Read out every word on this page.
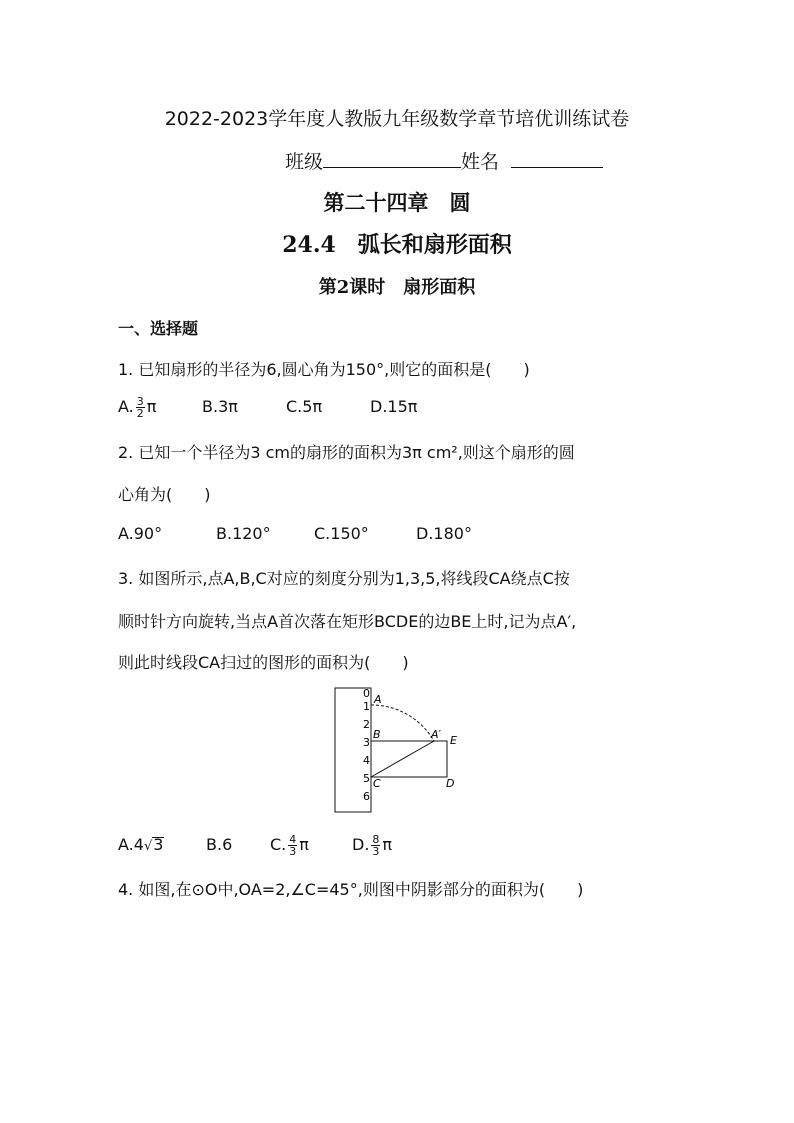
2022-2023学年度人教版九年级数学章节培优训练试卷
班级	姓名
第二十四章　圆
24.4　弧长和扇形面积
第2课时　扇形面积
一、选择题
1. 已知扇形的半径为6,圆心角为150°,则它的面积是(　　)
A. $\frac{3}{2}$ π	B.3π	C.5π	D.15π
2. 已知一个半径为3 cm的扇形的面积为3π cm²,则这个扇形的圆
心角为(　　)
A.90°	B.120°	C.150°	D.180°
3. 如图所示,点A,B,C对应的刻度分别为1,3,5,将线段CA绕点C按
顺时针方向旋转,当点A首次落在矩形BCDE的边BE上时,记为点A′,
则此时线段CA扫过的图形的面积为(　　)
0
1
2
3
4
5
6
A
B
C	D
E
A′
A.4√3	B.6 C. $\frac{4}{3}$ π	D. $\frac{8}{3}$ π
4. 如图,在⊙O中,OA=2,∠C=45°,则图中阴影部分的面积为(　　)
